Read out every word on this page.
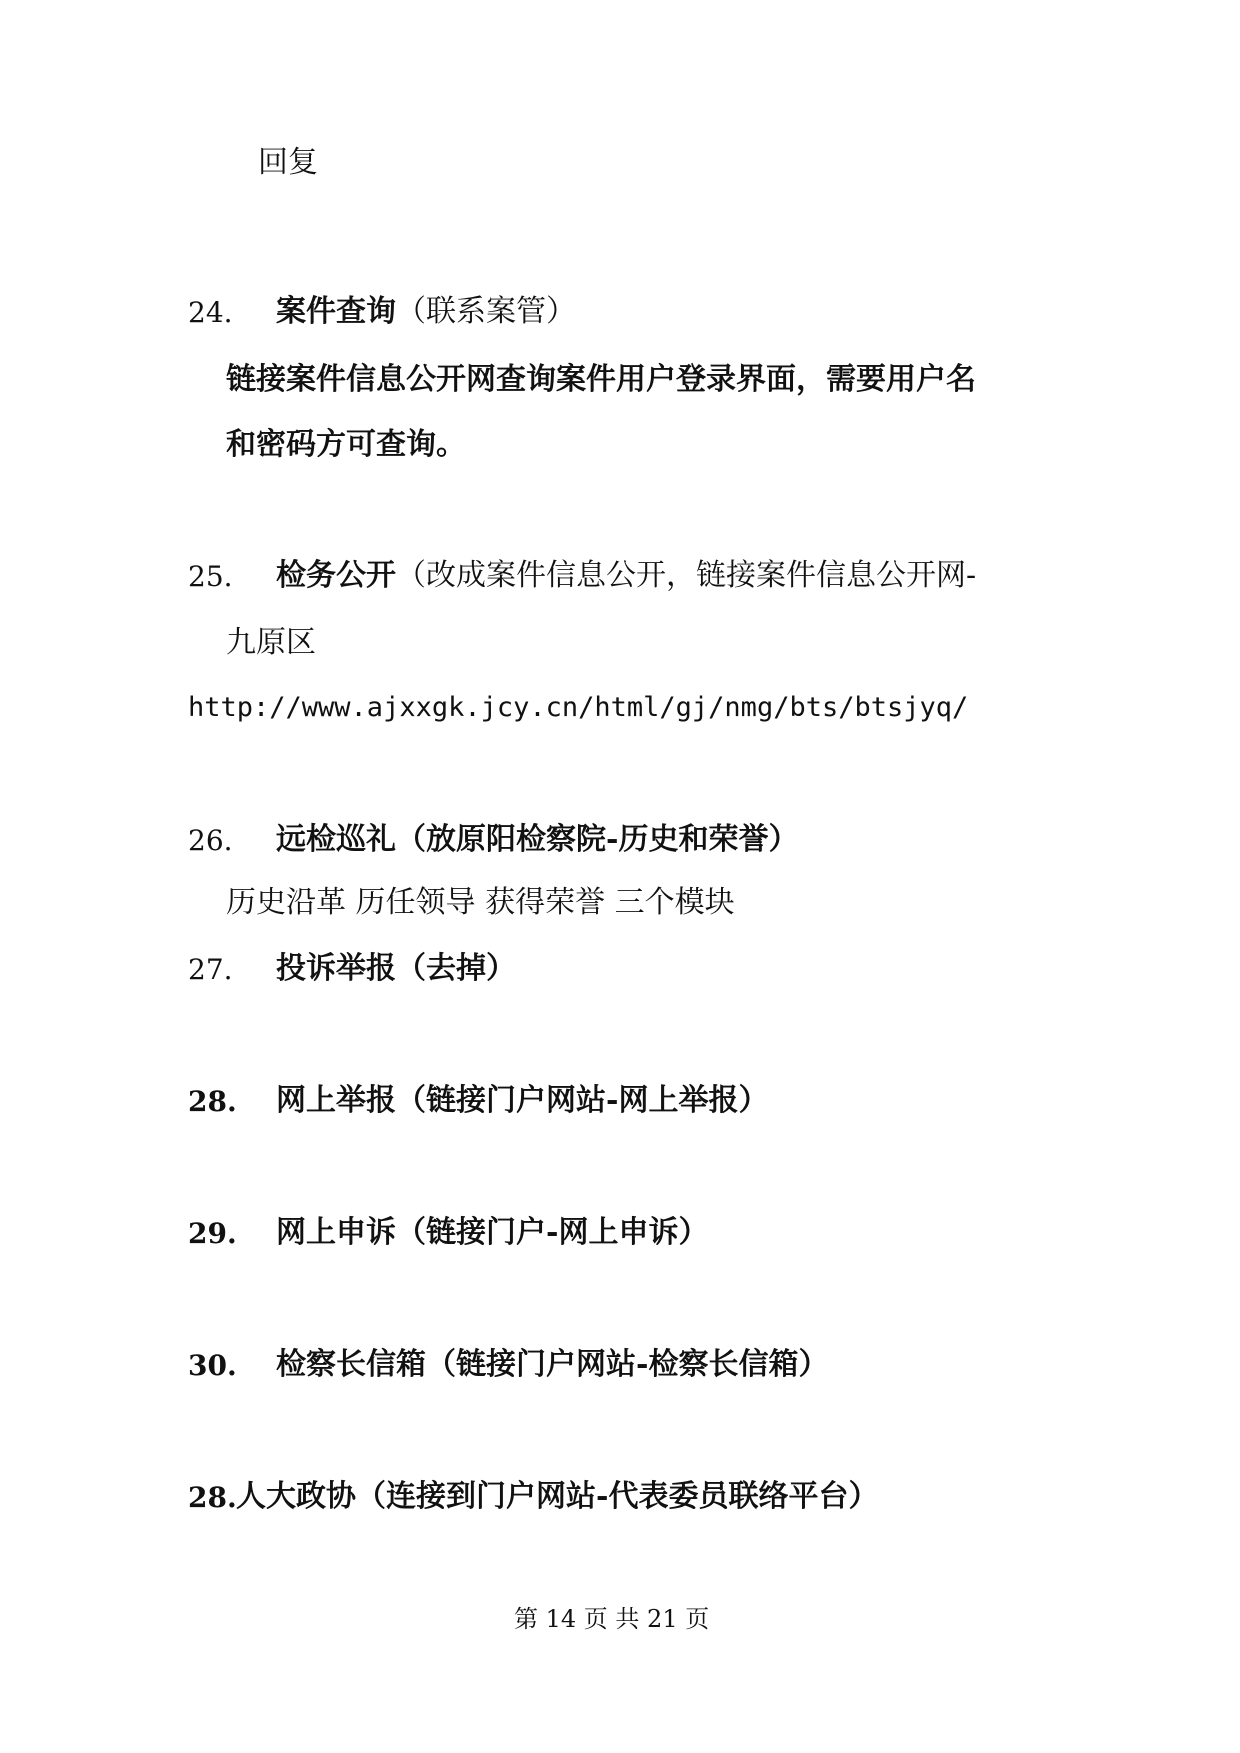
回复
24. 案件查询（联系案管）
链接案件信息公开网查询案件用户登录界面，需要用户名
和密码方可查询。
25. 检务公开（改成案件信息公开，链接案件信息公开网-
九原区
http://www.ajxxgk.jcy.cn/html/gj/nmg/bts/btsjyq/
26. 远检巡礼（放原阳检察院-历史和荣誉）
历史沿革 历任领导 获得荣誉 三个模块
27. 投诉举报（去掉）
28. 网上举报（链接门户网站-网上举报）
29. 网上申诉（链接门户-网上申诉）
30. 检察长信箱（链接门户网站-检察长信箱）
28. 人大政协（连接到门户网站-代表委员联络平台）
第 14 页 共 21 页
